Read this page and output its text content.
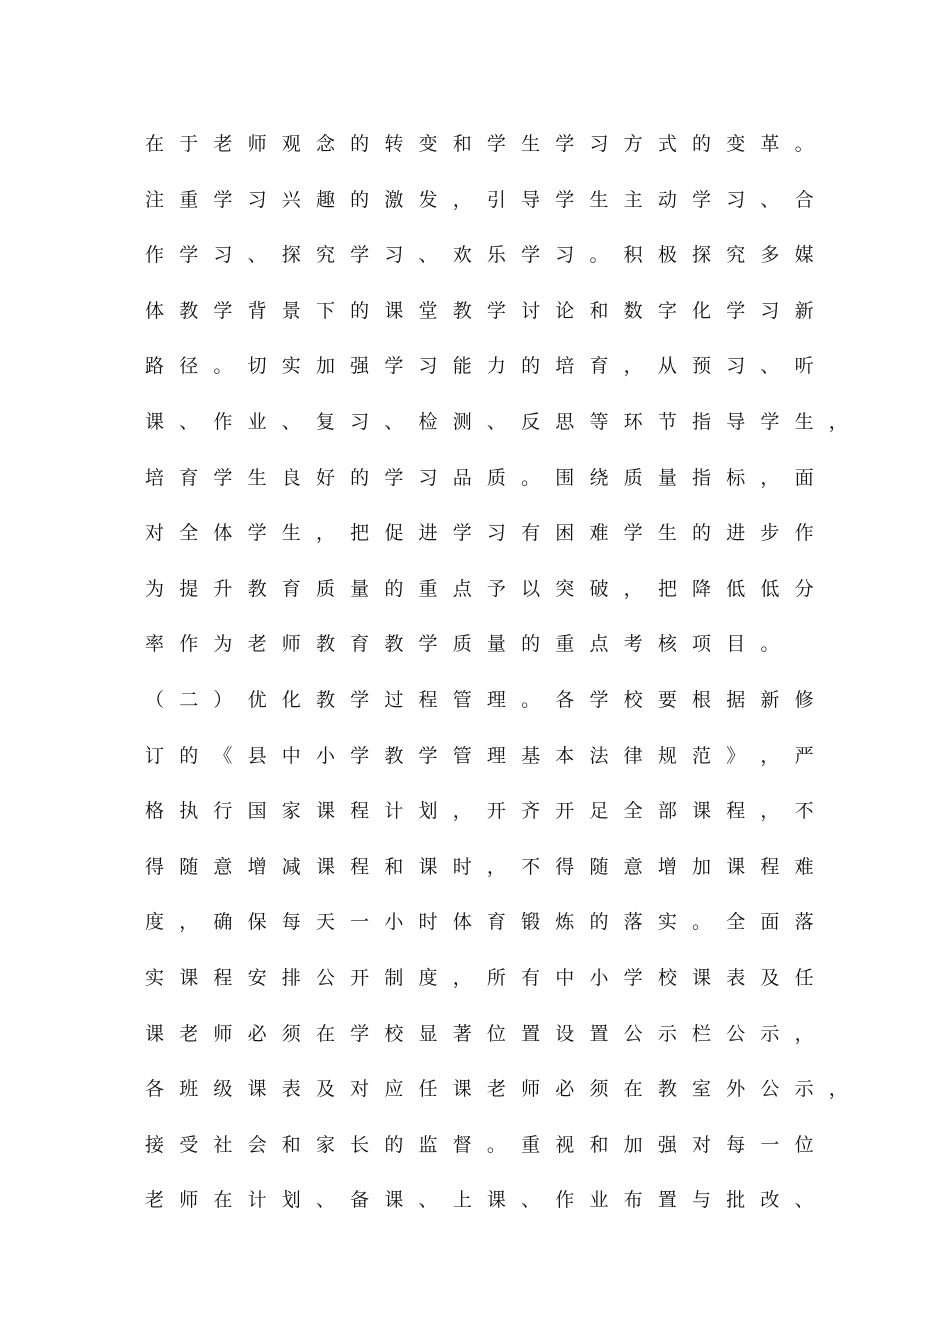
在 于 老 师 观 念 的 转 变 和 学 生 学 习 方 式 的 变 革 。
注 重 学 习 兴 趣 的 激 发 ， 引 导 学 生 主 动 学 习 、 合
作 学 习 、 探 究 学 习 、 欢 乐 学 习 。 积 极 探 究 多 媒
体 教 学 背 景 下 的 课 堂 教 学 讨 论 和 数 字 化 学 习 新
路 径 。 切 实 加 强 学 习 能 力 的 培 育 ， 从 预 习 、 听
课 、 作 业 、 复 习 、 检 测 、 反 思 等 环 节 指 导 学 生 ，
培 育 学 生 良 好 的 学 习 品 质 。 围 绕 质 量 指 标 ， 面
对 全 体 学 生 ， 把 促 进 学 习 有 困 难 学 生 的 进 步 作
为 提 升 教 育 质 量 的 重 点 予 以 突 破 ， 把 降 低 低 分
率 作 为 老 师 教 育 教 学 质 量 的 重 点 考 核 项 目 。
（ 二 ） 优 化 教 学 过 程 管 理 。 各 学 校 要 根 据 新 修
订 的 《 县 中 小 学 教 学 管 理 基 本 法 律 规 范 》 ， 严
格 执 行 国 家 课 程 计 划 ， 开 齐 开 足 全 部 课 程 ， 不
得 随 意 增 减 课 程 和 课 时 ， 不 得 随 意 增 加 课 程 难
度 ， 确 保 每 天 一 小 时 体 育 锻 炼 的 落 实 。 全 面 落
实 课 程 安 排 公 开 制 度 ， 所 有 中 小 学 校 课 表 及 任
课 老 师 必 须 在 学 校 显 著 位 置 设 置 公 示 栏 公 示 ，
各 班 级 课 表 及 对 应 任 课 老 师 必 须 在 教 室 外 公 示 ，
接 受 社 会 和 家 长 的 监 督 。 重 视 和 加 强 对 每 一 位
老 师 在 计 划 、 备 课 、 上 课 、 作 业 布 置 与 批 改 、
